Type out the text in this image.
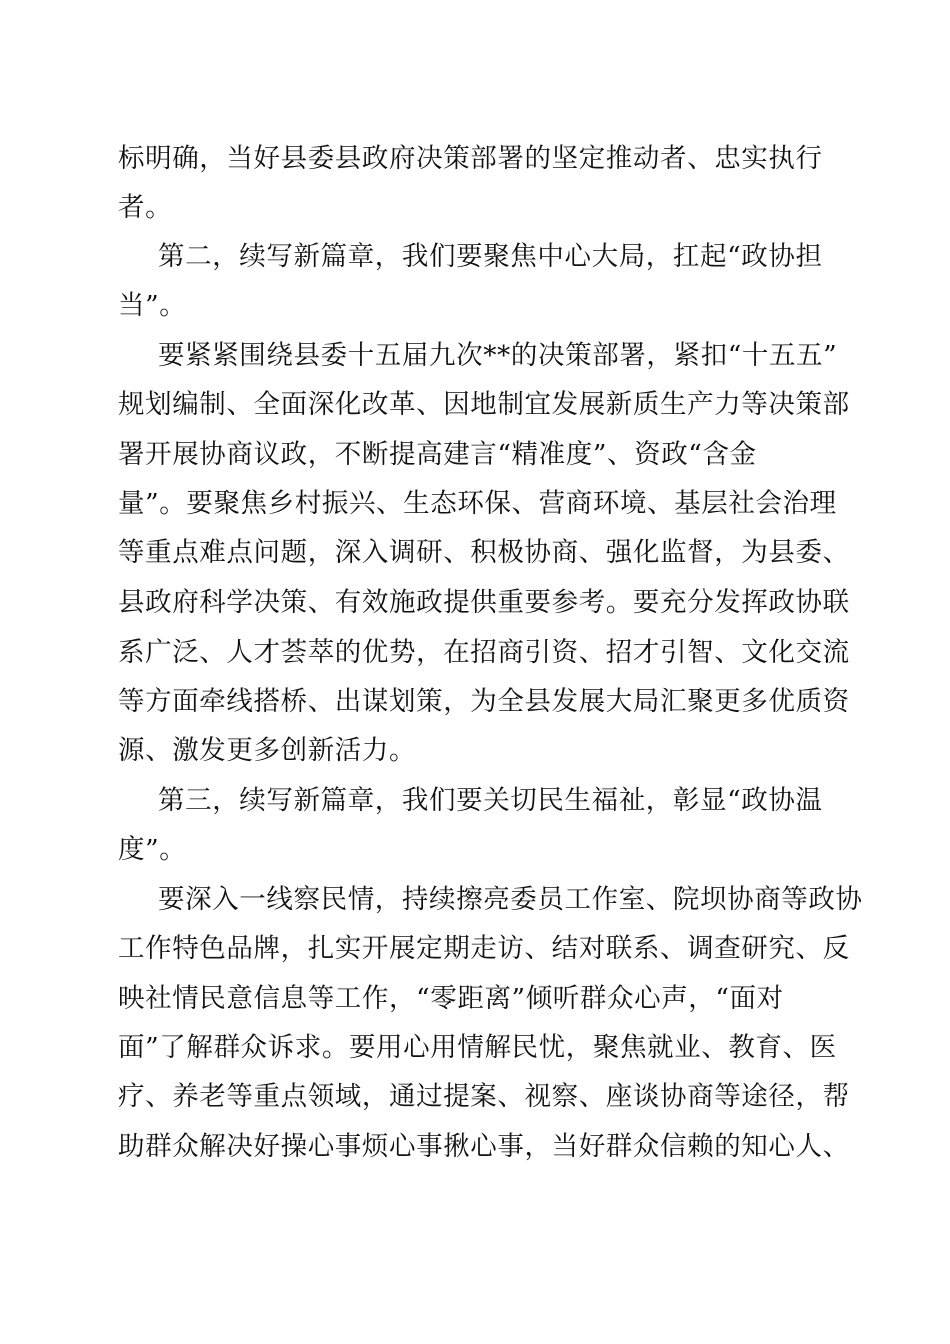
标明确，当好县委县政府决策部署的坚定推动者、忠实执行
者。
第二，续写新篇章，我们要聚焦中心大局，扛起“政协担
当”。
要紧紧围绕县委十五届九次**的决策部署，紧扣“十五五”
规划编制、全面深化改革、因地制宜发展新质生产力等决策部
署开展协商议政，不断提高建言“精准度”、资政“含金
量”。要聚焦乡村振兴、生态环保、营商环境、基层社会治理
等重点难点问题，深入调研、积极协商、强化监督，为县委、
县政府科学决策、有效施政提供重要参考。要充分发挥政协联
系广泛、人才荟萃的优势，在招商引资、招才引智、文化交流
等方面牵线搭桥、出谋划策，为全县发展大局汇聚更多优质资
源、激发更多创新活力。
第三，续写新篇章，我们要关切民生福祉，彰显“政协温
度”。
要深入一线察民情，持续擦亮委员工作室、院坝协商等政协
工作特色品牌，扎实开展定期走访、结对联系、调查研究、反
映社情民意信息等工作，“零距离”倾听群众心声，“面对
面”了解群众诉求。要用心用情解民忧，聚焦就业、教育、医
疗、养老等重点领域，通过提案、视察、座谈协商等途径，帮
助群众解决好操心事烦心事揪心事，当好群众信赖的知心人、
